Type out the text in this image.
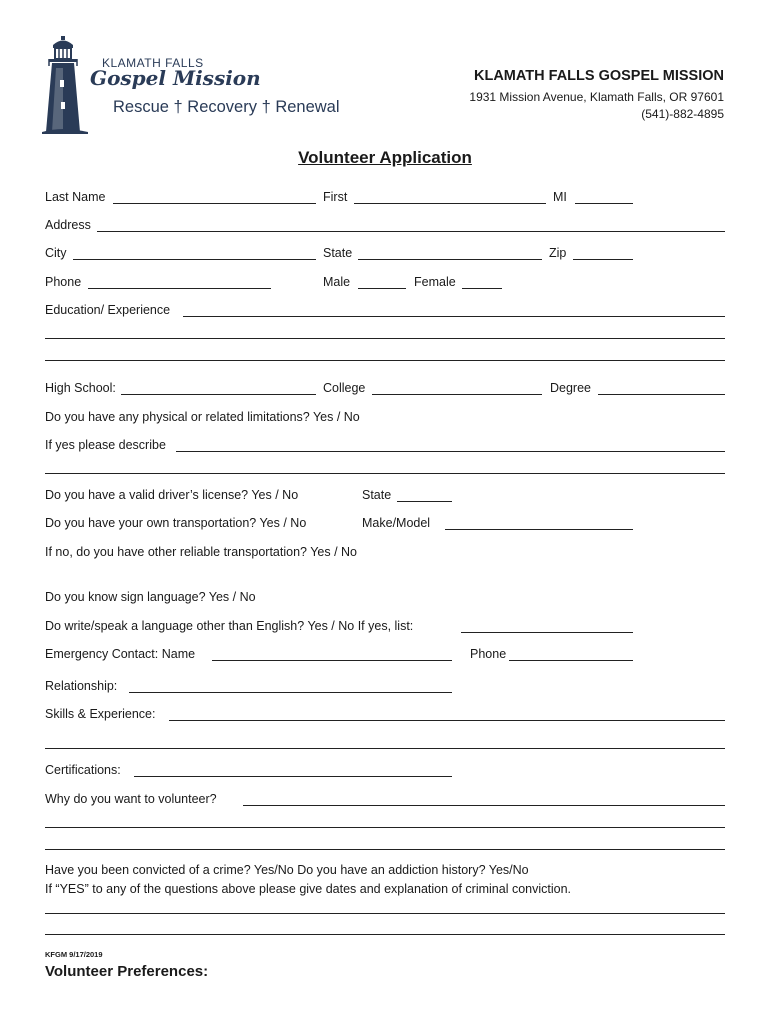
KLAMATH FALLS
Gospel Mission
Rescue † Recovery † Renewal
KLAMATH FALLS GOSPEL MISSION
1931 Mission Avenue, Klamath Falls, OR 97601
(541)-882-4895
Volunteer Application
Last Name	First	MI
Address
City	State	Zip
Phone	Male	Female
Education/ Experience
High School:	College	Degree
Do you have any physical or related limitations? Yes / No
If yes please describe
Do you have a valid driver’s license? Yes / No	State
Do you have your own transportation? Yes / No	Make/Model
If no, do you have other reliable transportation? Yes / No
Do you know sign language? Yes / No
Do write/speak a language other than English? Yes / No If yes, list:
Emergency Contact: Name	Phone
Relationship:
Skills & Experience:
Certifications:
Why do you want to volunteer?
Have you been convicted of a crime? Yes/No Do you have an addiction history? Yes/No
If “YES” to any of the questions above please give dates and explanation of criminal conviction.
KFGM 9/17/2019
Volunteer Preferences:
